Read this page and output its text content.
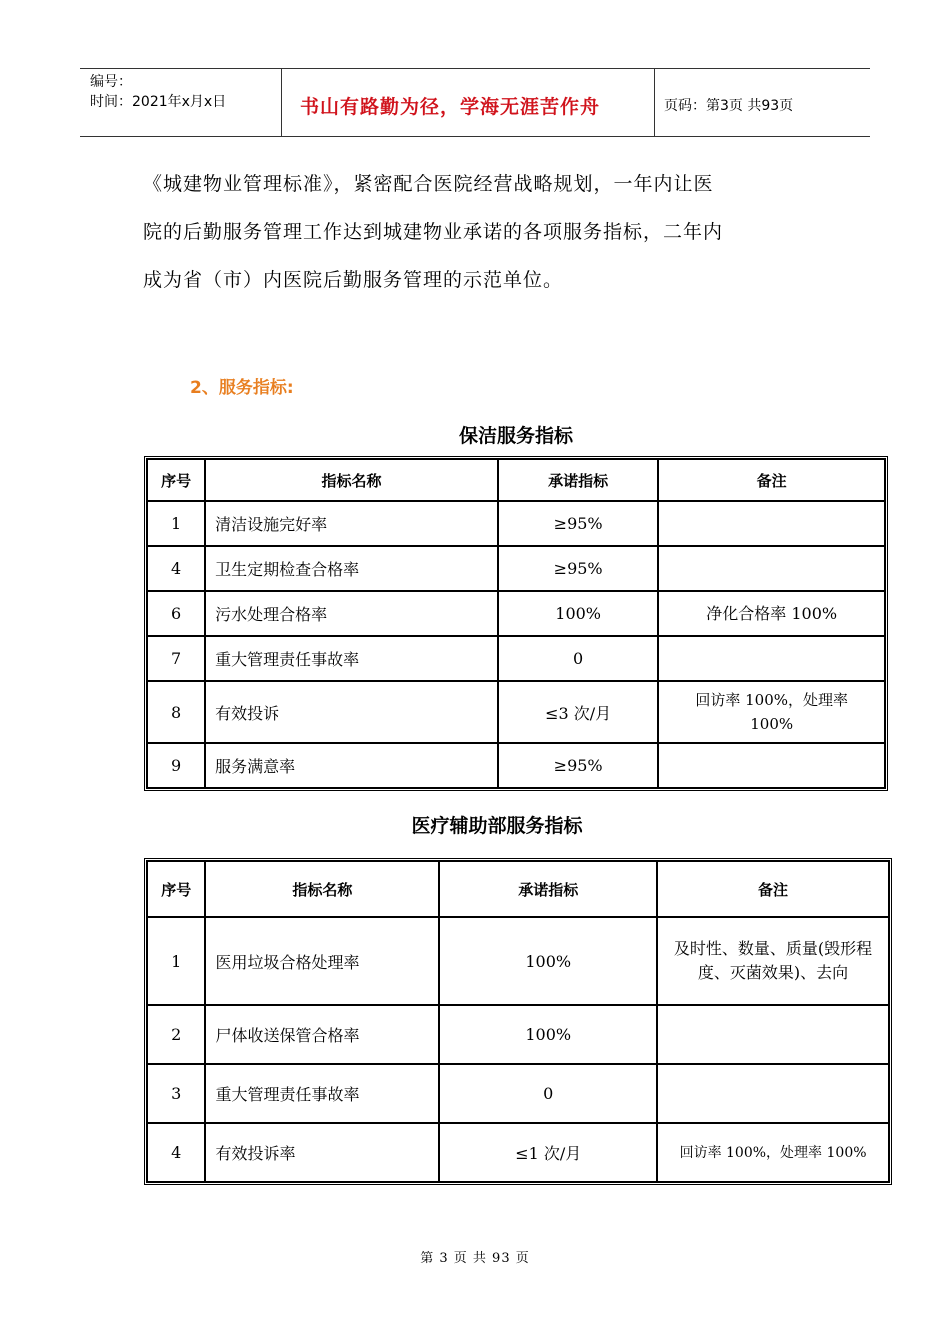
编号：
时间：2021年x月x日	书山有路勤为径，学海无涯苦作舟	页码：第3页 共93页
《城建物业管理标准》，紧密配合医院经营战略规划，一年内让医
院的后勤服务管理工作达到城建物业承诺的各项服务指标，二年内
成为省（市）内医院后勤服务管理的示范单位。
2、服务指标:
保洁服务指标
序号	指标名称	承诺指标	备注
1	清洁设施完好率	≥95%	
4	卫生定期检查合格率	≥95%	
6	污水处理合格率	100%	净化合格率 100%
7	重大管理责任事故率	0	
8	有效投诉	≤3 次/月	回访率 100%，处理率 100%
9	服务满意率	≥95%	
医疗辅助部服务指标
序号	指标名称	承诺指标	备注
1	医用垃圾合格处理率	100%	及时性、数量、质量(毁形程度、灭菌效果)、去向
2	尸体收送保管合格率	100%	
3	重大管理责任事故率	0	
4	有效投诉率	≤1 次/月	回访率 100%，处理率 100%
第 3 页 共 93 页
